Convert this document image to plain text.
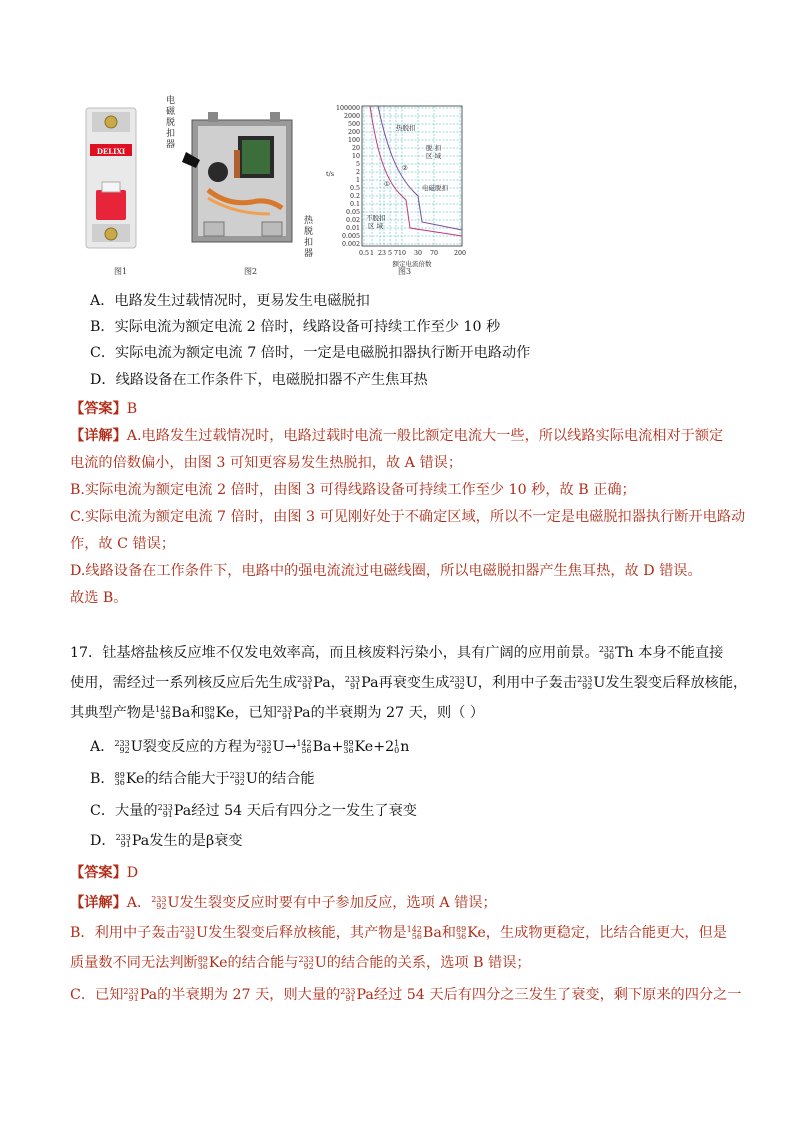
DELIXI
图1
电
磁
脱
扣
器
热
脱
扣
器
图2
100000
2000
500
200
100
20
10
5
2
1
0.5
0.2
0.1
0.05
0.02
0.01
0.005
0.002
0.5 1 2 3 5 7 10 30 70	200
t/s
额定电流倍数
热脱扣
脱 扣
区 域
②
①	电磁脱扣
不脱扣
区 域
图3
A．电路发生过载情况时，更易发生电磁脱扣
B．实际电流为额定电流 2 倍时，线路设备可持续工作至少 10 秒
C．实际电流为额定电流 7 倍时，一定是电磁脱扣器执行断开电路动作
D．线路设备在工作条件下，电磁脱扣器不产生焦耳热
【答案】B
【详解】A.电路发生过载情况时，电路过载时电流一般比额定电流大一些，所以线路实际电流相对于额定
电流的倍数偏小，由图 3 可知更容易发生热脱扣，故 A 错误；
B.实际电流为额定电流 2 倍时，由图 3 可得线路设备可持续工作至少 10 秒，故 B 正确；
C.实际电流为额定电流 7 倍时，由图 3 可见刚好处于不确定区域，所以不一定是电磁脱扣器执行断开电路动
作，故 C 错误；
D.线路设备在工作条件下，电路中的强电流流过电磁线圈，所以电磁脱扣器产生焦耳热，故 D 错误。
故选 B。
17．钍基熔盐核反应堆不仅发电效率高，而且核废料污染小，具有广阔的应用前景。 232
90 Th 本身不能直接
使用，需经过一系列核反应后先生成 233
91 Pa， 233
91 Pa再衰变生成 233
92 U，利用中子轰击 233
92 U发生裂变后释放核能，
其典型产物是 142
56 Ba和 89
36 Ke，已知 233
91 Pa的半衰期为 27 天，则（ ）
A． 233
92 U裂变反应的方程为 233
92 U→ 142
56 Ba+ 89
36 Ke+2 1
0 n
B． 89
36 Ke的结合能大于 233
92 U的结合能
C．大量的 233
91 Pa经过 54 天后有四分之一发生了衰变
D． 233
91 Pa发生的是β衰变
【答案】D
【详解】A． 233
92 U发生裂变反应时要有中子参加反应，选项 A 错误；
B．利用中子轰击 233
92 U发生裂变后释放核能，其产物是 142
56 Ba和 89
36 Ke，生成物更稳定，比结合能更大，但是
质量数不同无法判断 89
36 Ke的结合能与 233
92 U的结合能的关系，选项 B 错误；
C．已知 233
91 Pa的半衰期为 27 天，则大量的 233
91 Pa经过 54 天后有四分之三发生了衰变，剩下原来的四分之一
